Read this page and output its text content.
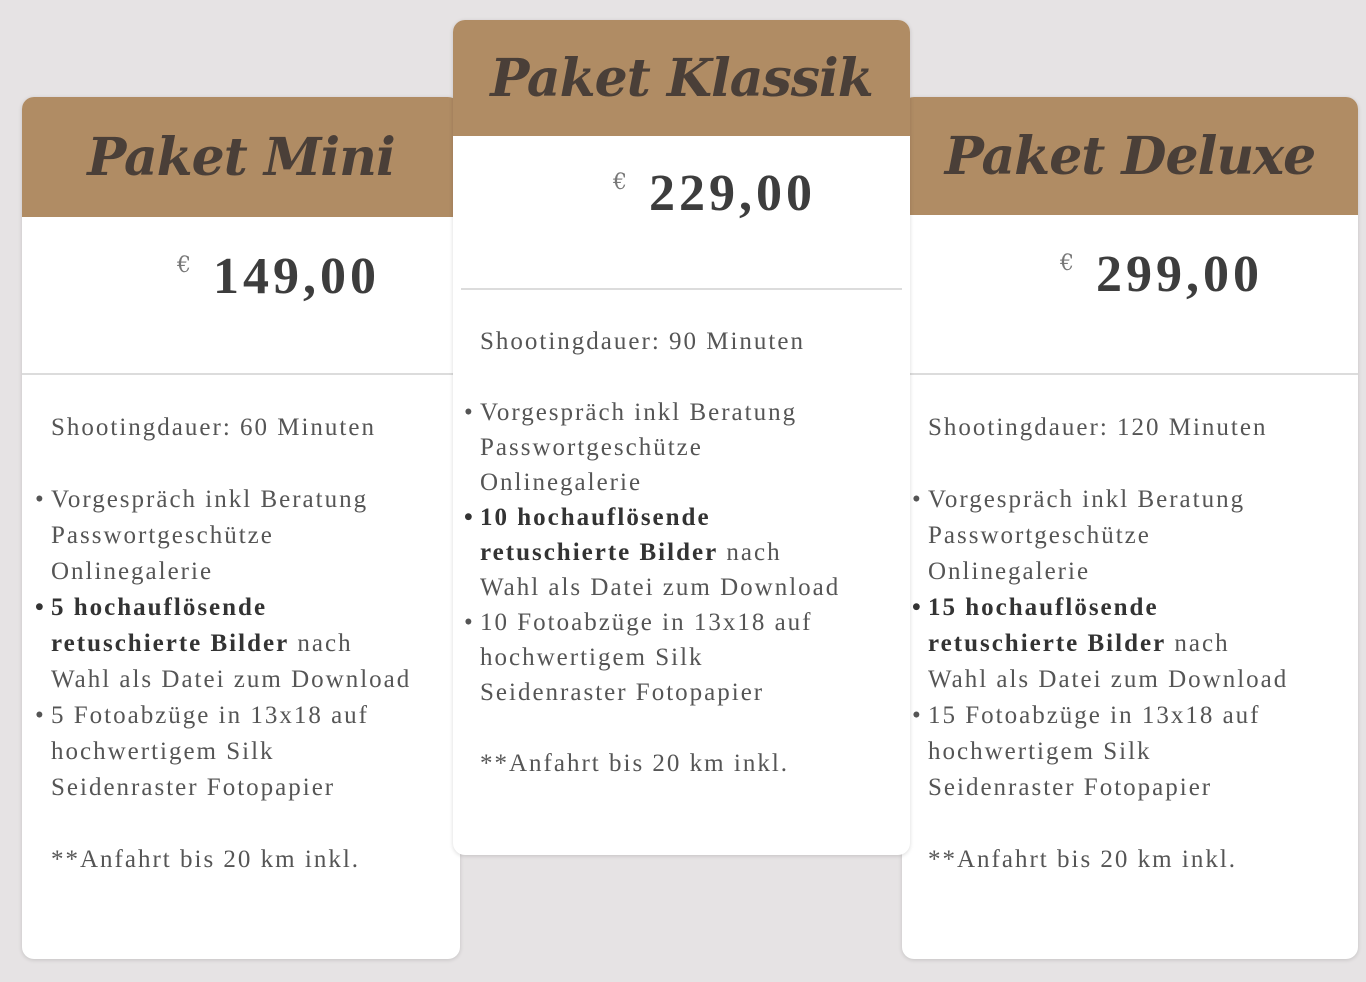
Paket Mini
€ 149,00

Shootingdauer: 60 Minuten

• Vorgespräch inkl Beratung
Passwortgeschütze
Onlinegalerie
• 5 hochauflösende
retuschierte Bilder nach
Wahl als Datei zum Download
• 5 Fotoabzüge in 13x18 auf
hochwertigem Silk
Seidenraster Fotopapier

**Anfahrt bis 20 km inkl.

Paket Deluxe
€ 299,00

Shootingdauer: 120 Minuten

• Vorgespräch inkl Beratung
Passwortgeschütze
Onlinegalerie
• 15 hochauflösende
retuschierte Bilder nach
Wahl als Datei zum Download
• 15 Fotoabzüge in 13x18 auf
hochwertigem Silk
Seidenraster Fotopapier

**Anfahrt bis 20 km inkl.

Paket Klassik
€ 229,00

Shootingdauer: 90 Minuten

• Vorgespräch inkl Beratung
Passwortgeschütze
Onlinegalerie
• 10 hochauflösende
retuschierte Bilder nach
Wahl als Datei zum Download
• 10 Fotoabzüge in 13x18 auf
hochwertigem Silk
Seidenraster Fotopapier

**Anfahrt bis 20 km inkl.
